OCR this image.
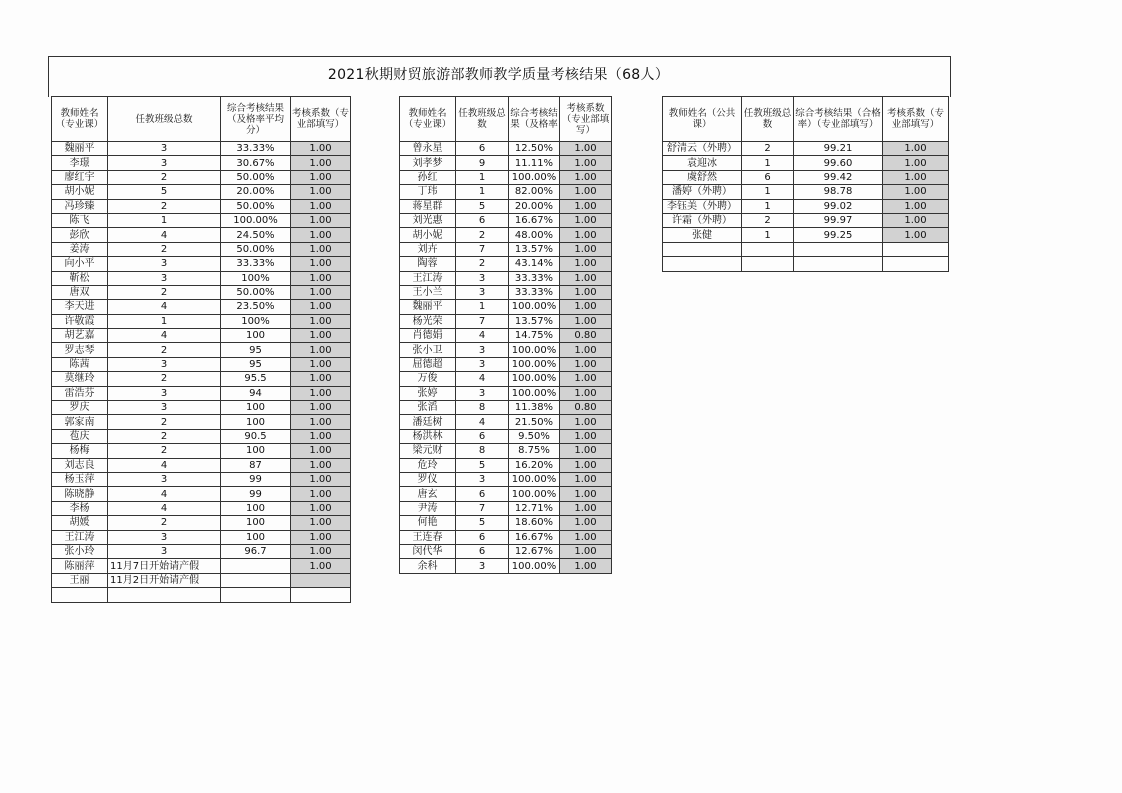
2021秋期财贸旅游部教师教学质量考核结果（68人）
教师姓名（专业课）	任教班级总数	综合考核结果（及格率平均分）	考核系数（专业部填写）
魏丽平	3	33.33%	1.00
李璟	3	30.67%	1.00
廖红宇	2	50.00%	1.00
胡小妮	5	20.00%	1.00
冯珍臻	2	50.00%	1.00
陈飞	1	100.00%	1.00
彭欣	4	24.50%	1.00
姜涛	2	50.00%	1.00
向小平	3	33.33%	1.00
靳松	3	100%	1.00
唐双	2	50.00%	1.00
李天进	4	23.50%	1.00
许敬霞	1	100%	1.00
胡艺嘉	4	100	1.00
罗志琴	2	95	1.00
陈茜	3	95	1.00
莫继玲	2	95.5	1.00
雷浩芬	3	94	1.00
罗庆	3	100	1.00
郭家南	2	100	1.00
苞庆	2	90.5	1.00
杨梅	2	100	1.00
刘志良	4	87	1.00
杨玉萍	3	99	1.00
陈晓静	4	99	1.00
李杨	4	100	1.00
胡媛	2	100	1.00
王江涛	3	100	1.00
张小玲	3	96.7	1.00
陈丽萍	11月7日开始请产假		1.00
王丽	11月2日开始请产假		

教师姓名（专业课）	任教班级总数	综合考核结果（及格率	考核系数（专业部填写）
曾永星	6	12.50%	1.00
刘孝梦	9	11.11%	1.00
孙红	1	100.00%	1.00
丁玮	1	82.00%	1.00
蒋星群	5	20.00%	1.00
刘光惠	6	16.67%	1.00
胡小妮	2	48.00%	1.00
刘卉	7	13.57%	1.00
陶蓉	2	43.14%	1.00
王江涛	3	33.33%	1.00
王小兰	3	33.33%	1.00
魏丽平	1	100.00%	1.00
杨光荣	7	13.57%	1.00
肖德娟	4	14.75%	0.80
张小卫	3	100.00%	1.00
屈德超	3	100.00%	1.00
万俊	4	100.00%	1.00
张婷	3	100.00%	1.00
张滔	8	11.38%	0.80
潘廷树	4	21.50%	1.00
杨洪林	6	9.50%	1.00
梁元财	8	8.75%	1.00
危玲	5	16.20%	1.00
罗仪	3	100.00%	1.00
唐玄	6	100.00%	1.00
尹涛	7	12.71%	1.00
何艳	5	18.60%	1.00
王连春	6	16.67%	1.00
闵代华	6	12.67%	1.00
余科	3	100.00%	1.00
教师姓名（公共课）	任教班级总数	综合考核结果（合格率）（专业部填写）	考核系数（专业部填写）
舒清云（外聘）	2	99.21	1.00
袁迎冰	1	99.60	1.00
虞舒然	6	99.42	1.00
潘婷（外聘）	1	98.78	1.00
李钰美（外聘）	1	99.02	1.00
许霜（外聘）	2	99.97	1.00
张健	1	99.25	1.00
